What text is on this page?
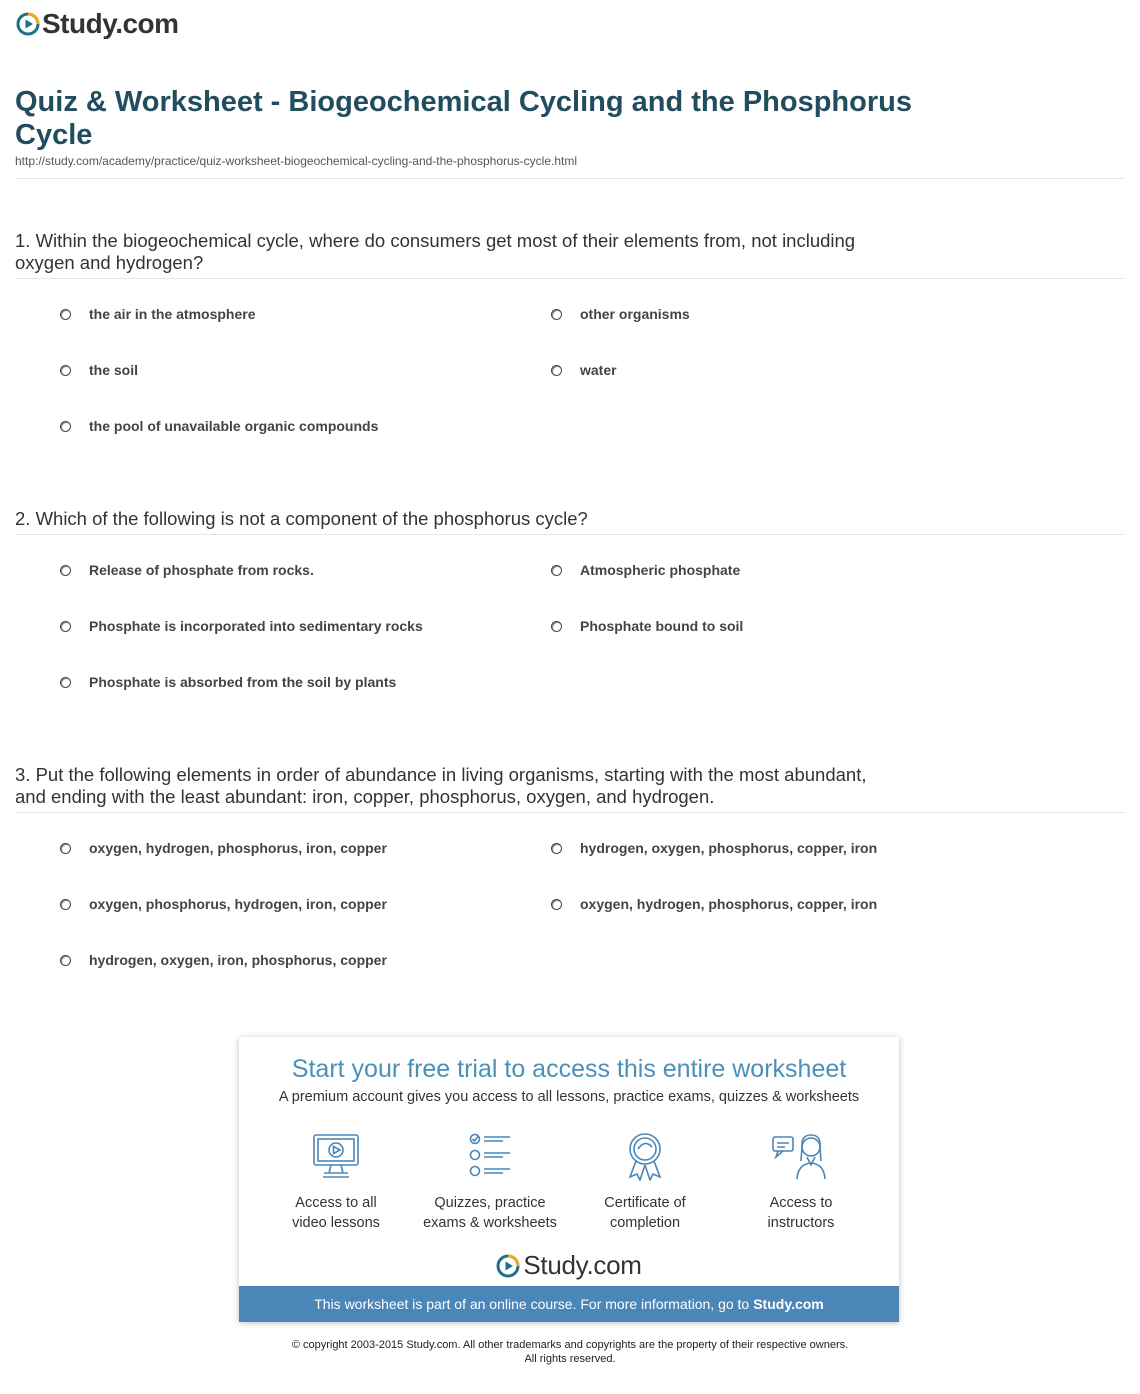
Study.com
Quiz & Worksheet - Biogeochemical Cycling and the Phosphorus Cycle
http://study.com/academy/practice/quiz-worksheet-biogeochemical-cycling-and-the-phosphorus-cycle.html
1. Within the biogeochemical cycle, where do consumers get most of their elements from, not including oxygen and hydrogen?
the air in the atmosphere	other organisms
the soil	water
the pool of unavailable organic compounds
2. Which of the following is not a component of the phosphorus cycle?
Release of phosphate from rocks.	Atmospheric phosphate
Phosphate is incorporated into sedimentary rocks	Phosphate bound to soil
Phosphate is absorbed from the soil by plants
3. Put the following elements in order of abundance in living organisms, starting with the most abundant, and ending with the least abundant: iron, copper, phosphorus, oxygen, and hydrogen.
oxygen, hydrogen, phosphorus, iron, copper	hydrogen, oxygen, phosphorus, copper, iron
oxygen, phosphorus, hydrogen, iron, copper	oxygen, hydrogen, phosphorus, copper, iron
hydrogen, oxygen, iron, phosphorus, copper
Start your free trial to access this entire worksheet
A premium account gives you access to all lessons, practice exams, quizzes & worksheets
Access to all
video lessons
Quizzes, practice
exams & worksheets
Certificate of
completion
Access to
instructors
Study.com
This worksheet is part of an online course. For more information, go to Study.com
© copyright 2003-2015 Study.com. All other trademarks and copyrights are the property of their respective owners.
All rights reserved.
